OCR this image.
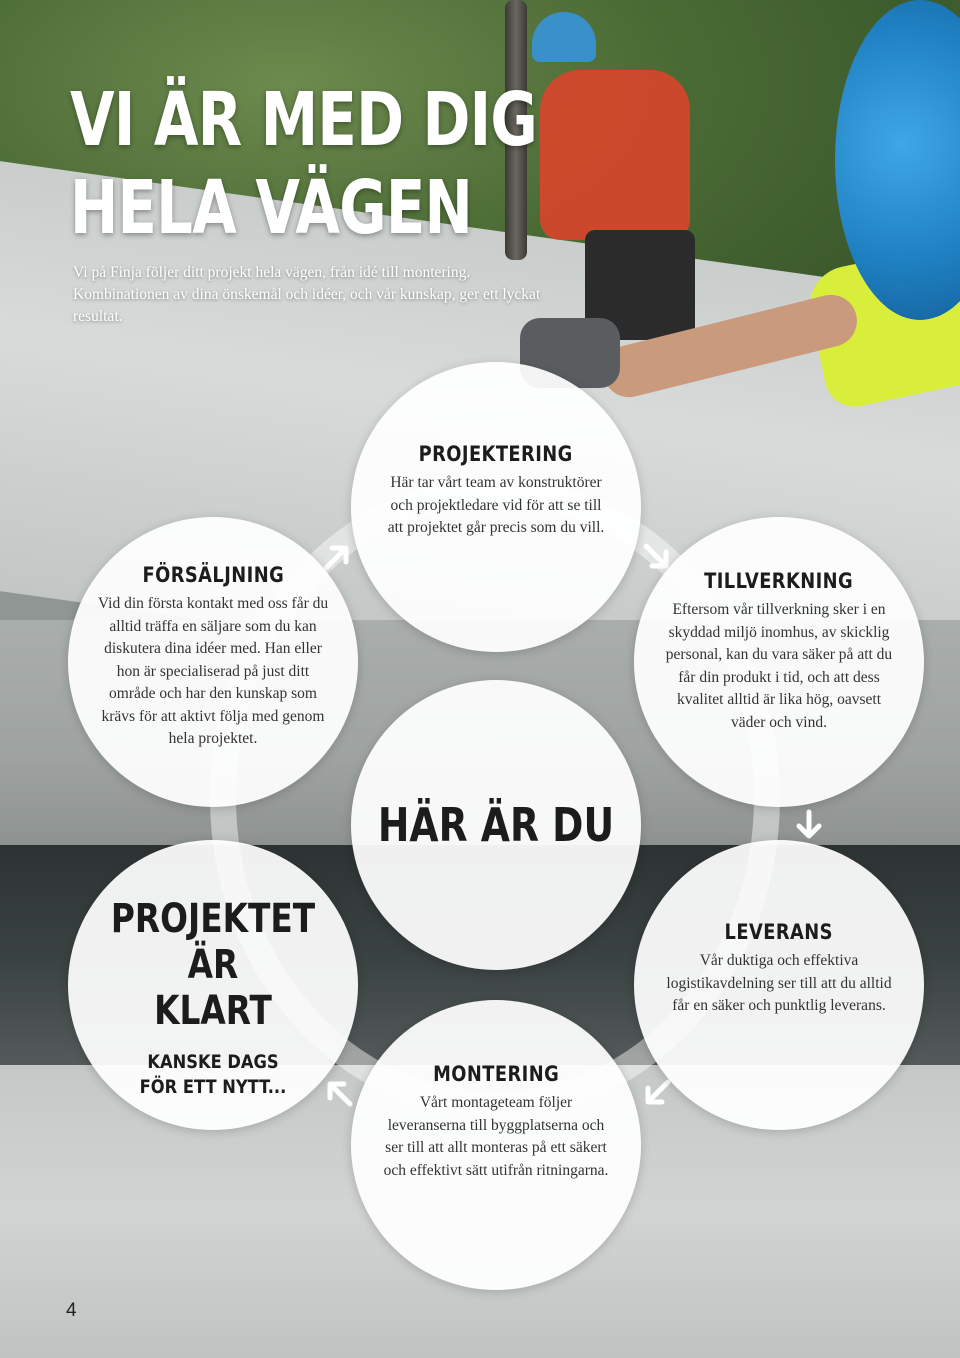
VI ÄR MED DIG
HELA VÄGEN

Vi på Finja följer ditt projekt hela vägen, från idé till montering. Kombinationen av dina önskemål och idéer, och vår kunskap, ger ett lyckat resultat.

PROJEKTERING
Här tar vårt team av konstruktörer och projektledare vid för att se till att projektet går precis som du vill.
FÖRSÄLJNING
Vid din första kontakt med oss får du alltid träffa en säljare som du kan diskutera dina idéer med. Han eller hon är specialiserad på just ditt område och har den kunskap som krävs för att aktivt följa med genom hela projektet.
TILLVERKNING
Eftersom vår tillverkning sker i en skyddad miljö inomhus, av skicklig personal, kan du vara säker på att du får din produkt i tid, och att dess kvalitet alltid är lika hög, oavsett väder och vind.
HÄR ÄR DU
PROJEKTET
ÄR
KLART
KANSKE DAGS
FÖR ETT NYTT...
LEVERANS
Vår duktiga och effektiva logistikavdelning ser till att du alltid får en säker och punktlig leverans.
MONTERING
Vårt montageteam följer leveranserna till byggplatserna och ser till att allt monteras på ett säkert och effektivt sätt utifrån ritningarna.
4
